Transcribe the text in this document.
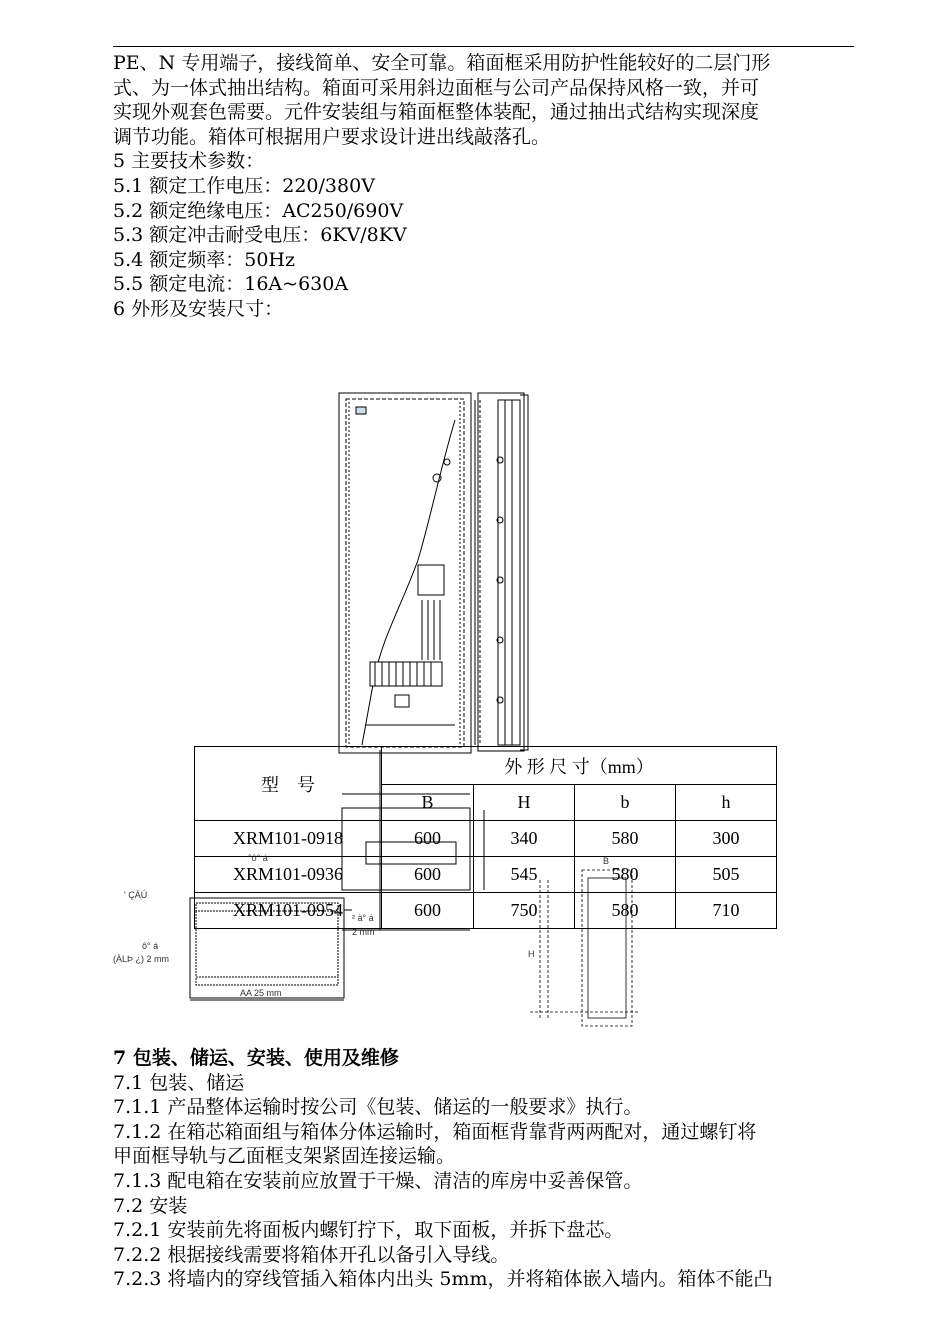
PE、N 专用端子，接线简单、安全可靠。箱面框采用防护性能较好的二层门形

式、为一体式抽出结构。箱面可采用斜边面框与公司产品保持风格一致，并可

实现外观套色需要。元件安装组与箱面框整体装配，通过抽出式结构实现深度

调节功能。箱体可根据用户要求设计进出线敲落孔。

5 主要技术参数：

5.1 额定工作电压：220/380V

5.2 额定绝缘电压：AC250/690V

5.3 额定冲击耐受电压：6KV/8KV

5.4 额定频率：50Hz

5.5 额定电流：16A~630A

6 外形及安装尺寸：

' ÇÀÚ
ô° á
(ÀLÞ ¿) 2 mm
AA 25 mm
² à° á
2 mm
°ô° á
H
B
型　号	外 形 尺 寸（mm）			
	B	H	b	h
XRM101-0918	600	340	580	300
XRM101-0936	600	545	580	505
XRM101-0954	600	750	580	710

7 包装、储运、安装、使用及维修

7.1 包装、储运

7.1.1 产品整体运输时按公司《包装、储运的一般要求》执行。

7.1.2 在箱芯箱面组与箱体分体运输时，箱面框背靠背两两配对，通过螺钉将

甲面框导轨与乙面框支架紧固连接运输。

7.1.3 配电箱在安装前应放置于干燥、清洁的库房中妥善保管。

7.2 安装

7.2.1 安装前先将面板内螺钉拧下，取下面板，并拆下盘芯。

7.2.2 根据接线需要将箱体开孔以备引入导线。

7.2.3 将墙内的穿线管插入箱体内出头 5mm，并将箱体嵌入墙内。箱体不能凸
